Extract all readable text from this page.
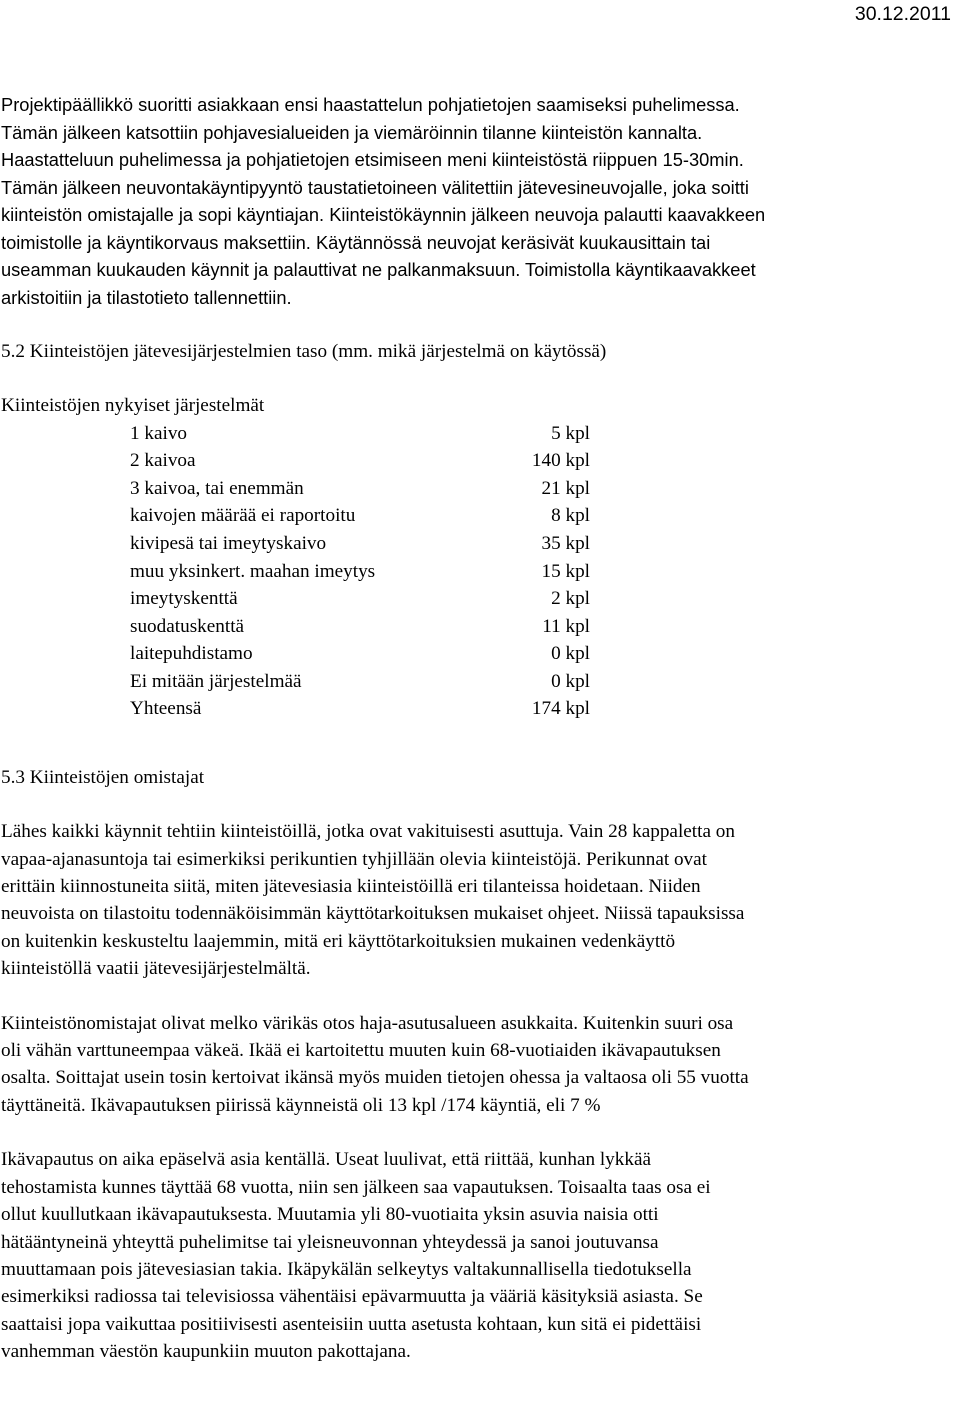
30.12.2011

Projektipäällikkö suoritti asiakkaan ensi haastattelun pohjatietojen saamiseksi puhelimessa.
Tämän jälkeen katsottiin pohjavesialueiden ja viemäröinnin tilanne kiinteistön kannalta.
Haastatteluun puhelimessa ja pohjatietojen etsimiseen meni kiinteistöstä riippuen 15-30min.
Tämän jälkeen neuvontakäyntipyyntö taustatietoineen välitettiin jätevesineuvojalle, joka soitti
kiinteistön omistajalle ja sopi käyntiajan. Kiinteistökäynnin jälkeen neuvoja palautti kaavakkeen
toimistolle ja käyntikorvaus maksettiin. Käytännössä neuvojat keräsivät kuukausittain tai
useamman kuukauden käynnit ja palauttivat ne palkanmaksuun. Toimistolla käyntikaavakkeet
arkistoitiin ja tilastotieto tallennettiin.

5.2 Kiinteistöjen jätevesijärjestelmien taso (mm. mikä järjestelmä on käytössä)

Kiinteistöjen nykyiset järjestelmät

1 kaivo	5 kpl
2 kaivoa	140 kpl
3 kaivoa, tai enemmän	21 kpl
kaivojen määrää ei raportoitu	8 kpl
kivipesä tai imeytyskaivo	35 kpl
muu yksinkert. maahan imeytys	15 kpl
imeytyskenttä	2 kpl
suodatuskenttä	11 kpl
laitepuhdistamo	0 kpl
Ei mitään järjestelmää	0 kpl
Yhteensä	174 kpl
5.3 Kiinteistöjen omistajat

Lähes kaikki käynnit tehtiin kiinteistöillä, jotka ovat vakituisesti asuttuja. Vain 28 kappaletta on
vapaa-ajanasuntoja tai esimerkiksi perikuntien tyhjillään olevia kiinteistöjä. Perikunnat ovat
erittäin kiinnostuneita siitä, miten jätevesiasia kiinteistöillä eri tilanteissa hoidetaan. Niiden
neuvoista on tilastoitu todennäköisimmän käyttötarkoituksen mukaiset ohjeet. Niissä tapauksissa
on kuitenkin keskusteltu laajemmin, mitä eri käyttötarkoituksien mukainen vedenkäyttö
kiinteistöllä vaatii jätevesijärjestelmältä.

Kiinteistönomistajat olivat melko värikäs otos haja-asutusalueen asukkaita. Kuitenkin suuri osa
oli vähän varttuneempaa väkeä. Ikää ei kartoitettu muuten kuin 68-vuotiaiden ikävapautuksen
osalta. Soittajat usein tosin kertoivat ikänsä myös muiden tietojen ohessa ja valtaosa oli 55 vuotta
täyttäneitä. Ikävapautuksen piirissä käynneistä oli 13 kpl /174 käyntiä, eli 7 %

Ikävapautus on aika epäselvä asia kentällä. Useat luulivat, että riittää, kunhan lykkää
tehostamista kunnes täyttää 68 vuotta, niin sen jälkeen saa vapautuksen. Toisaalta taas osa ei
ollut kuullutkaan ikävapautuksesta. Muutamia yli 80-vuotiaita yksin asuvia naisia otti
hätääntyneinä yhteyttä puhelimitse tai yleisneuvonnan yhteydessä ja sanoi joutuvansa
muuttamaan pois jätevesiasian takia. Ikäpykälän selkeytys valtakunnallisella tiedotuksella
esimerkiksi radiossa tai televisiossa vähentäisi epävarmuutta ja vääriä käsityksiä asiasta. Se
saattaisi jopa vaikuttaa positiivisesti asenteisiin uutta asetusta kohtaan, kun sitä ei pidettäisi
vanhemman väestön kaupunkiin muuton pakottajana.
